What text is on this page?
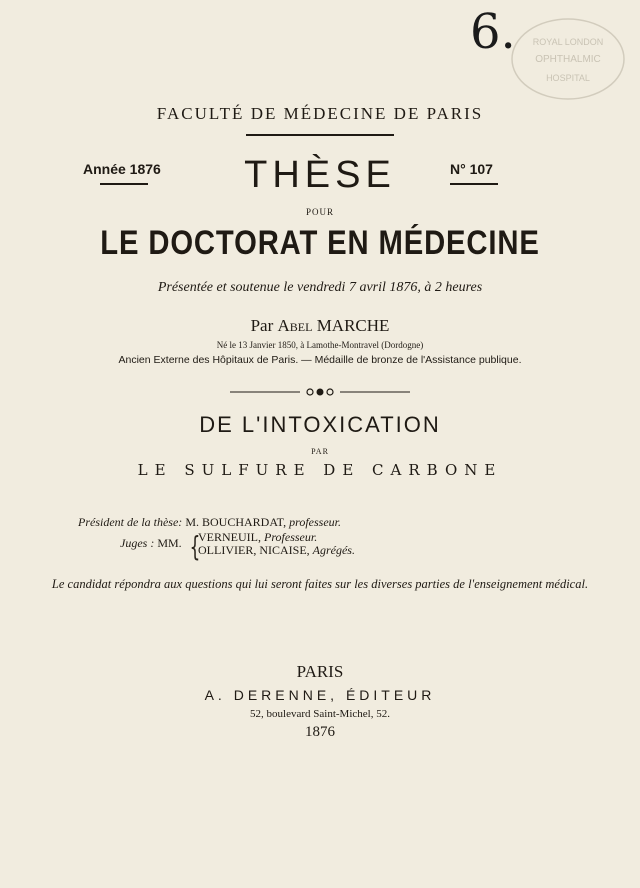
6.	ROYAL LONDON
OPHTHALMIC
HOSPITAL
FACULTÉ DE MÉDECINE DE PARIS
Année 1876	THÈSE	N° 107
POUR
LE DOCTORAT EN MÉDECINE
Présentée et soutenue le vendredi 7 avril 1876, à 2 heures
Par Abel MARCHE
Né le 13 Janvier 1850, à Lamothe-Montravel (Dordogne)
Ancien Externe des Hôpitaux de Paris. — Médaille de bronze de l'Assistance publique.
DE L'INTOXICATION
PAR
LE SULFURE DE CARBONE
Président de la thèse: M. BOUCHARDAT, professeur.
Juges : MM. {
VERNEUIL, Professeur.
OLLIVIER, NICAISE, Agrégés.
Le candidat répondra aux questions qui lui seront faites sur les diverses parties de l'enseignement médical.
PARIS
A. DERENNE, ÉDITEUR
52, boulevard Saint-Michel, 52.
1876
